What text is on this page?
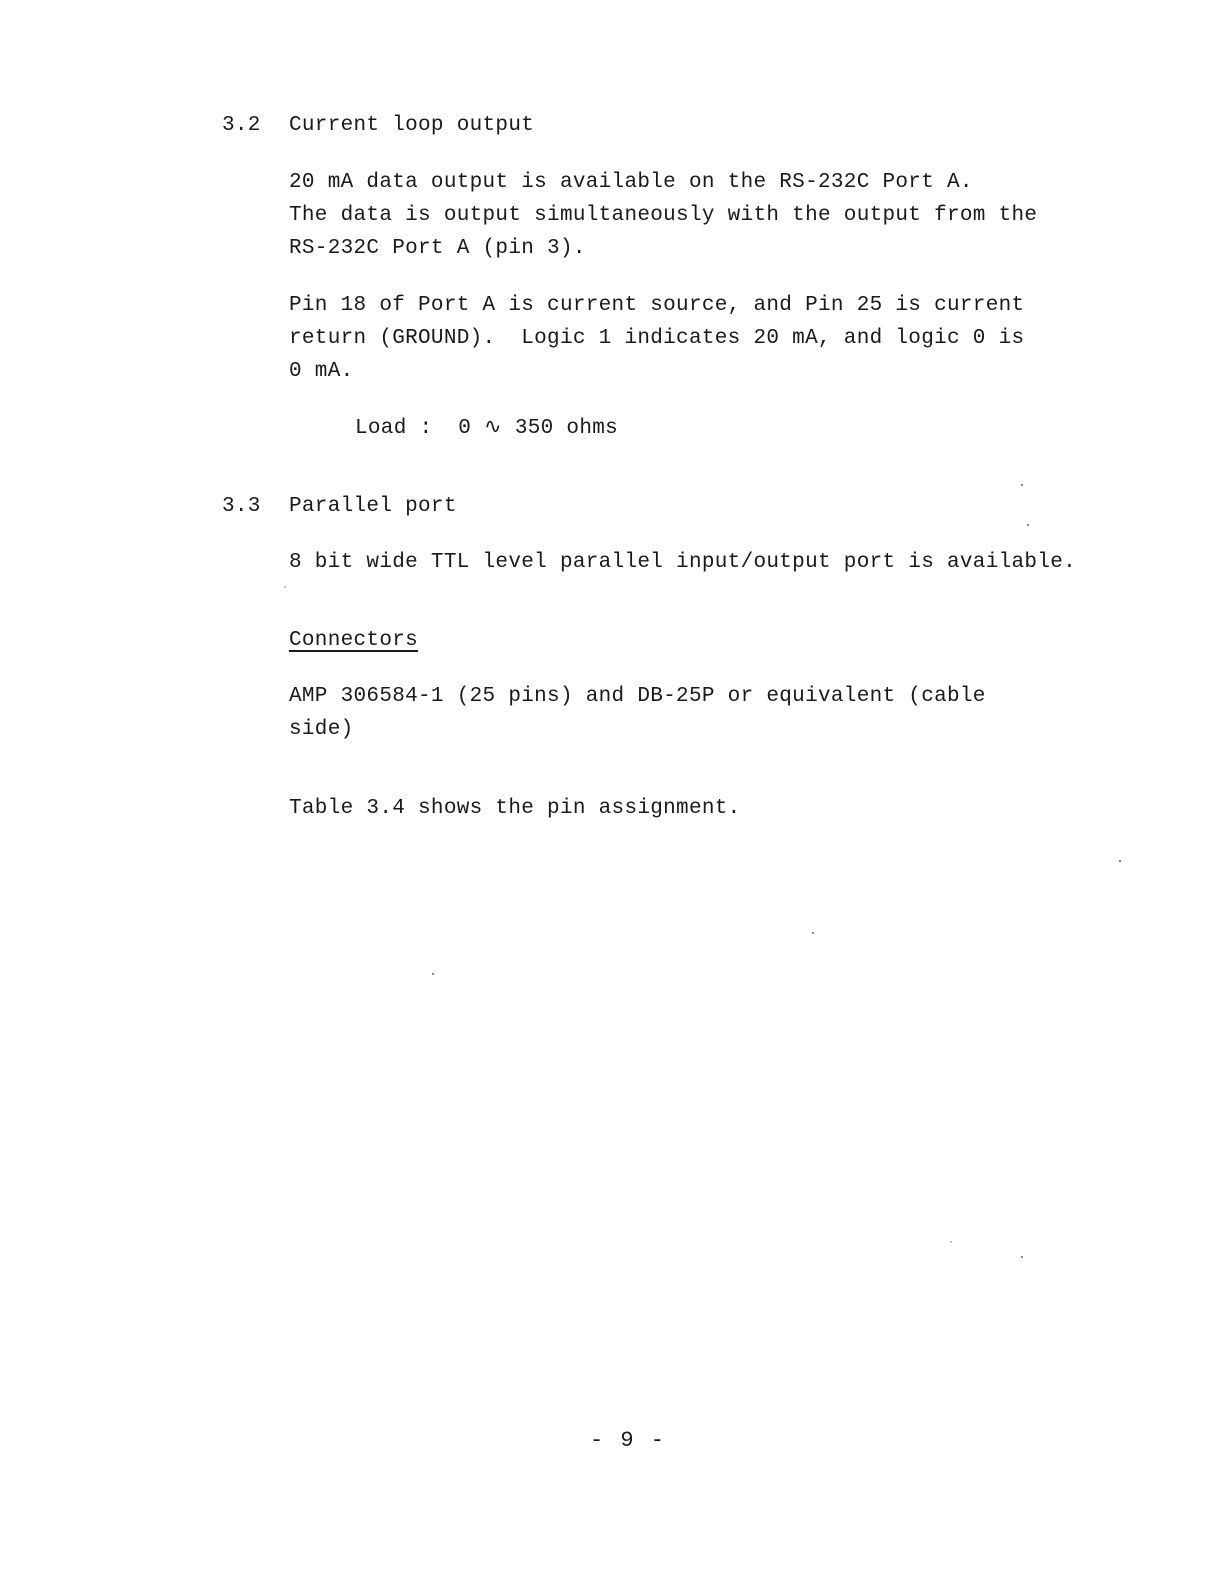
3.2 Current loop output
20 mA data output is available on the RS-232C Port A.
The data is output simultaneously with the output from the
RS-232C Port A (pin 3).
Pin 18 of Port A is current source, and Pin 25 is current
return (GROUND).  Logic 1 indicates 20 mA, and logic 0 is
0 mA.
Load :  0 ∿ 350 ohms
3.3 Parallel port
8 bit wide TTL level parallel input/output port is available.
Connectors
AMP 306584-1 (25 pins) and DB-25P or equivalent (cable
side)
Table 3.4 shows the pin assignment.
- 9 -
